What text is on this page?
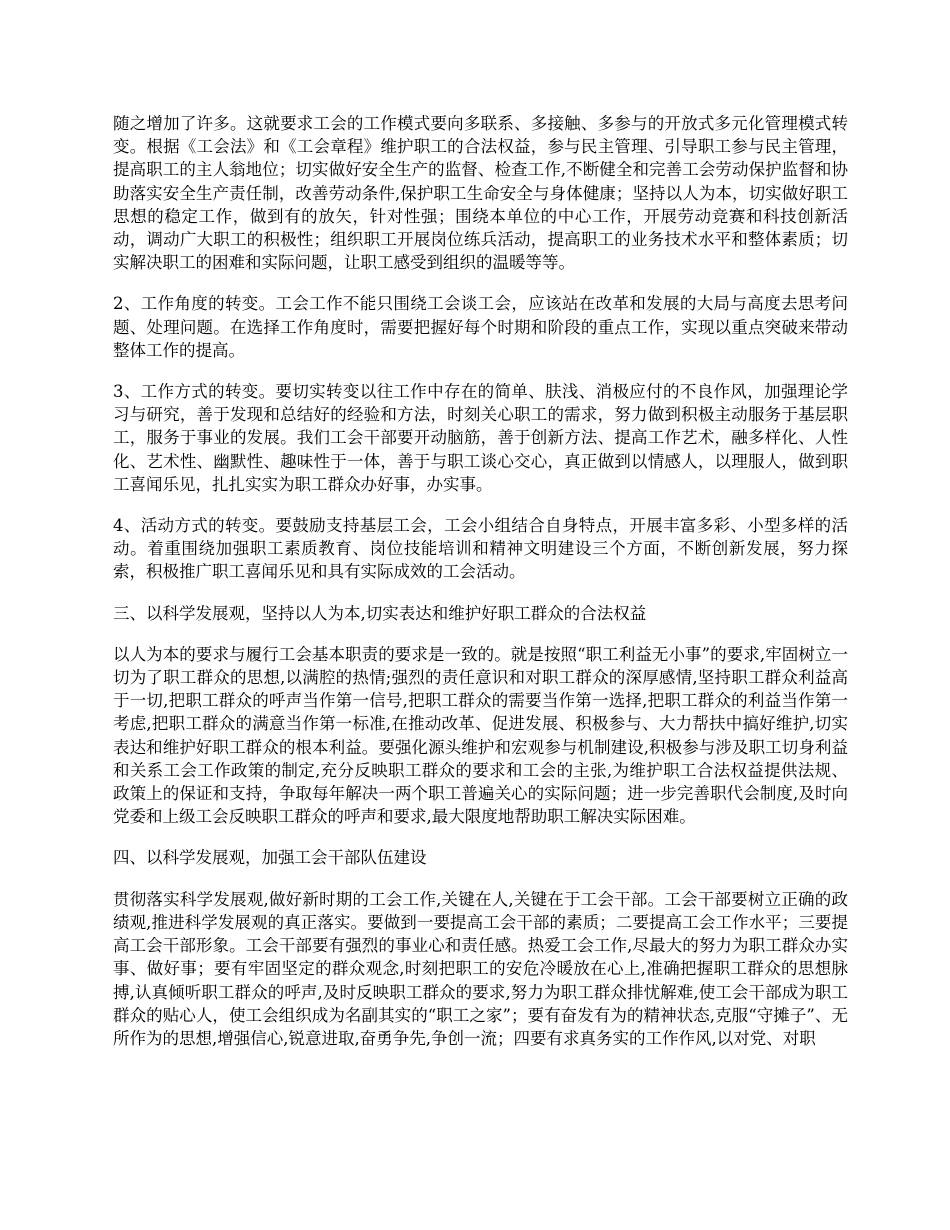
随之增加了许多。这就要求工会的工作模式要向多联系、多接触、多参与的开放式多元化管理模式转变。根据《工会法》和《工会章程》维护职工的合法权益，参与民主管理、引导职工参与民主管理，提高职工的主人翁地位；切实做好安全生产的监督、检查工作,不断健全和完善工会劳动保护监督和协助落实安全生产责任制，改善劳动条件,保护职工生命安全与身体健康；坚持以人为本，切实做好职工思想的稳定工作，做到有的放矢，针对性强；围绕本单位的中心工作，开展劳动竞赛和科技创新活动，调动广大职工的积极性；组织职工开展岗位练兵活动，提高职工的业务技术水平和整体素质；切实解决职工的困难和实际问题，让职工感受到组织的温暖等等。

2、工作角度的转变。工会工作不能只围绕工会谈工会，应该站在改革和发展的大局与高度去思考问题、处理问题。在选择工作角度时，需要把握好每个时期和阶段的重点工作，实现以重点突破来带动整体工作的提高。

3、工作方式的转变。要切实转变以往工作中存在的简单、肤浅、消极应付的不良作风，加强理论学习与研究，善于发现和总结好的经验和方法，时刻关心职工的需求，努力做到积极主动服务于基层职工，服务于事业的发展。我们工会干部要开动脑筋，善于创新方法、提高工作艺术，融多样化、人性化、艺术性、幽默性、趣味性于一体，善于与职工谈心交心，真正做到以情感人，以理服人，做到职工喜闻乐见，扎扎实实为职工群众办好事，办实事。

4、活动方式的转变。要鼓励支持基层工会，工会小组结合自身特点，开展丰富多彩、小型多样的活动。着重围绕加强职工素质教育、岗位技能培训和精神文明建设三个方面，不断创新发展，努力探索，积极推广职工喜闻乐见和具有实际成效的工会活动。

三、以科学发展观，坚持以人为本,切实表达和维护好职工群众的合法权益

以人为本的要求与履行工会基本职责的要求是一致的。就是按照“职工利益无小事”的要求,牢固树立一切为了职工群众的思想,以满腔的热情;强烈的责任意识和对职工群众的深厚感情,坚持职工群众利益高于一切,把职工群众的呼声当作第一信号,把职工群众的需要当作第一选择,把职工群众的利益当作第一考虑,把职工群众的满意当作第一标准,在推动改革、促进发展、积极参与、大力帮扶中搞好维护,切实表达和维护好职工群众的根本利益。要强化源头维护和宏观参与机制建设,积极参与涉及职工切身利益和关系工会工作政策的制定,充分反映职工群众的要求和工会的主张,为维护职工合法权益提供法规、政策上的保证和支持，争取每年解决一两个职工普遍关心的实际问题；进一步完善职代会制度,及时向党委和上级工会反映职工群众的呼声和要求,最大限度地帮助职工解决实际困难。

四、以科学发展观，加强工会干部队伍建设

贯彻落实科学发展观,做好新时期的工会工作,关键在人,关键在于工会干部。工会干部要树立正确的政绩观,推进科学发展观的真正落实。要做到一要提高工会干部的素质；二要提高工会工作水平；三要提高工会干部形象。工会干部要有强烈的事业心和责任感。热爱工会工作,尽最大的努力为职工群众办实事、做好事；要有牢固坚定的群众观念,时刻把职工的安危冷暖放在心上,准确把握职工群众的思想脉搏,认真倾听职工群众的呼声,及时反映职工群众的要求,努力为职工群众排忧解难,使工会干部成为职工群众的贴心人，使工会组织成为名副其实的“职工之家”；要有奋发有为的精神状态,克服“守摊子”、无所作为的思想,增强信心,锐意进取,奋勇争先,争创一流；四要有求真务实的工作作风,以对党、对职
